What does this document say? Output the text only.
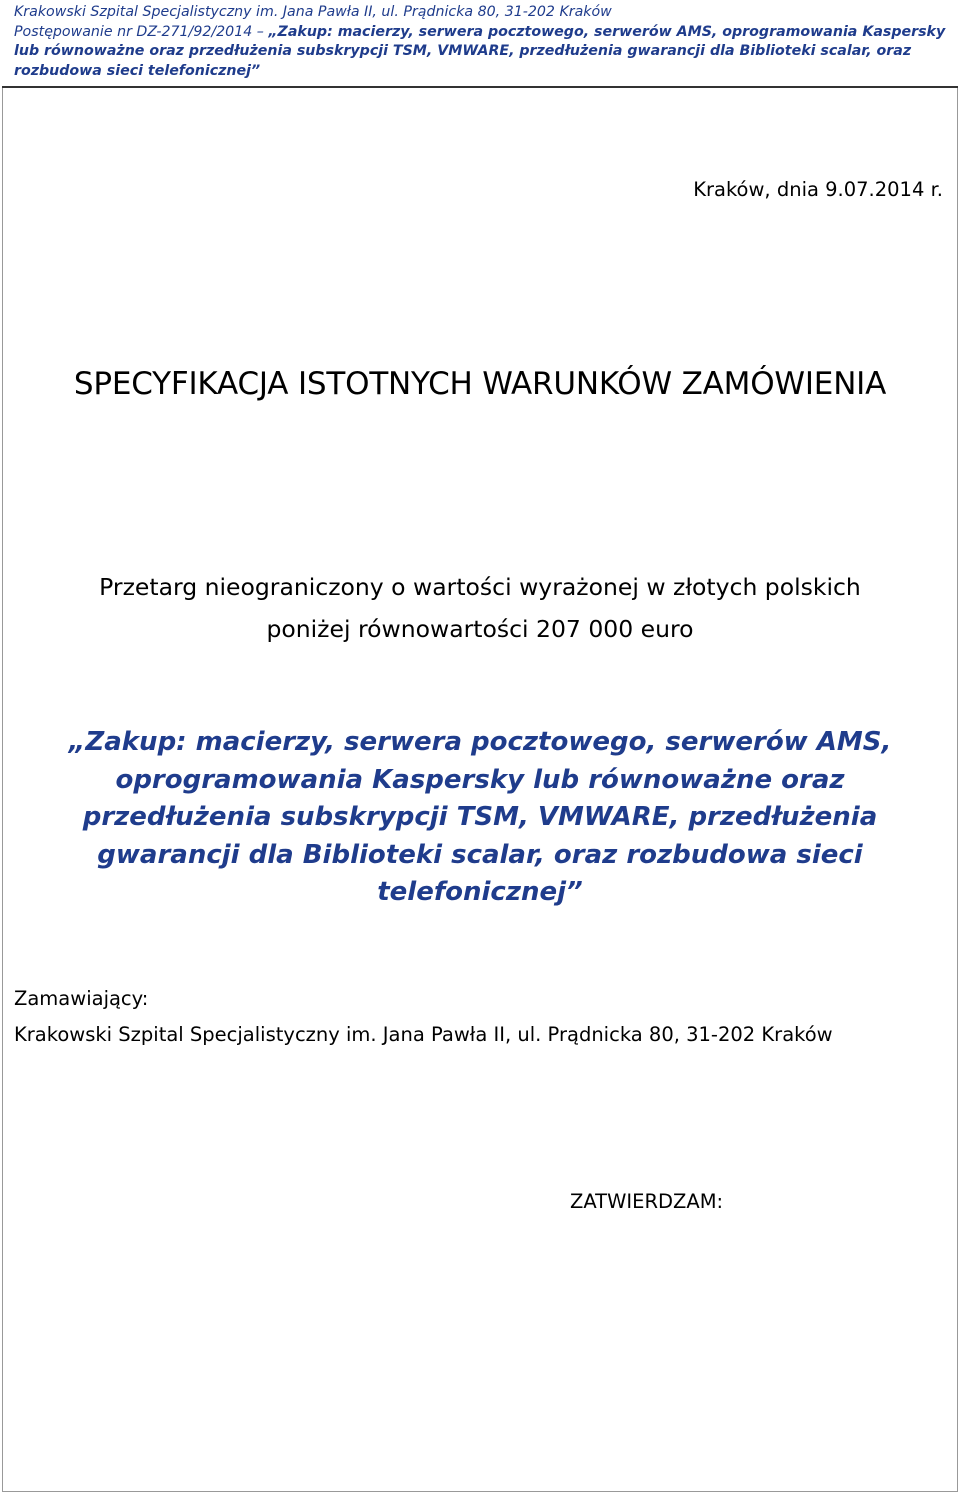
Krakowski Szpital Specjalistyczny im. Jana Pawła II, ul. Prądnicka 80, 31-202 Kraków
Postępowanie nr DZ-271/92/2014 – „Zakup: macierzy, serwera pocztowego, serwerów AMS, oprogramowania Kaspersky lub równoważne oraz przedłużenia subskrypcji TSM, VMWARE, przedłużenia gwarancji dla Biblioteki scalar, oraz rozbudowa sieci telefonicznej”
Kraków, dnia 9.07.2014 r.
SPECYFIKACJA ISTOTNYCH WARUNKÓW ZAMÓWIENIA
Przetarg nieograniczony o wartości wyrażonej w złotych polskich
poniżej równowartości 207 000 euro
„Zakup: macierzy, serwera pocztowego, serwerów AMS, oprogramowania Kaspersky lub równoważne oraz przedłużenia subskrypcji TSM, VMWARE, przedłużenia gwarancji dla Biblioteki scalar, oraz rozbudowa sieci telefonicznej”
Zamawiający:
Krakowski Szpital Specjalistyczny im. Jana Pawła II, ul. Prądnicka 80, 31-202 Kraków
ZATWIERDZAM:
